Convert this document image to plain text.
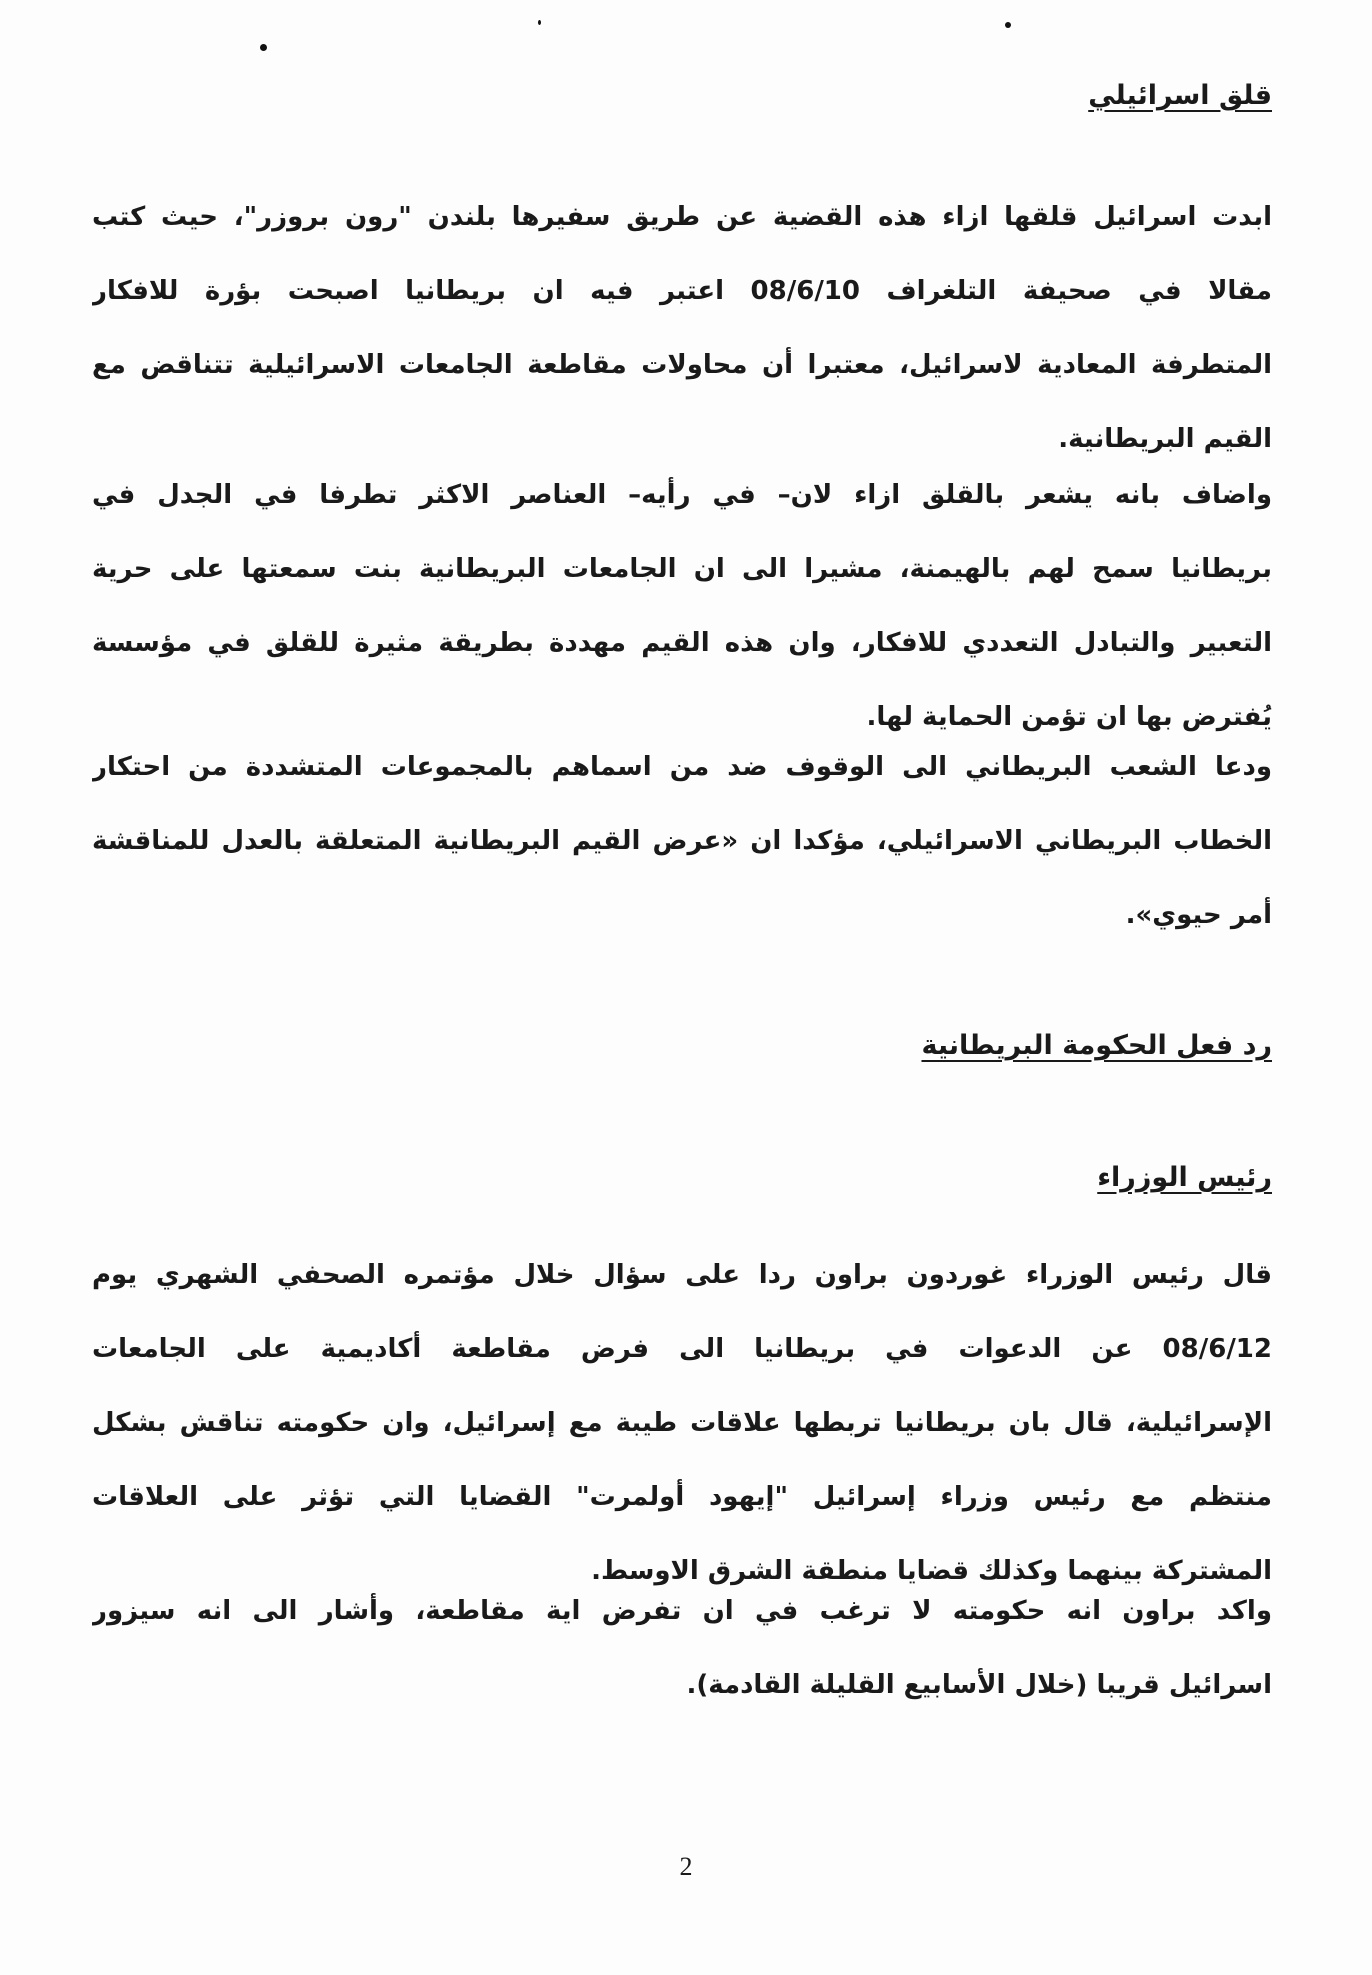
قلق اسرائيلي
ابدت اسرائيل قلقها ازاء هذه القضية عن طريق سفيرها بلندن "رون بروزر"، حيث كتب
مقالا في صحيفة التلغراف 08/6/10 اعتبر فيه ان بريطانيا اصبحت بؤرة للافكار
المتطرفة المعادية لاسرائيل، معتبرا أن محاولات مقاطعة الجامعات الاسرائيلية تتناقض مع
القيم البريطانية.
واضاف بانه يشعر بالقلق ازاء لان– في رأيه– العناصر الاكثر تطرفا في الجدل في
بريطانيا سمح لهم بالهيمنة، مشيرا الى ان الجامعات البريطانية بنت سمعتها على حرية
التعبير والتبادل التعددي للافكار، وان هذه القيم مهددة بطريقة مثيرة للقلق في مؤسسة
يُفترض بها ان تؤمن الحماية لها.
ودعا الشعب البريطاني الى الوقوف ضد من اسماهم بالمجموعات المتشددة من احتكار
الخطاب البريطاني الاسرائيلي، مؤكدا ان «عرض القيم البريطانية المتعلقة بالعدل للمناقشة
أمر حيوي».
رد فعل الحكومة البريطانية
رئيس الوزراء
قال رئيس الوزراء غوردون براون ردا على سؤال خلال مؤتمره الصحفي الشهري يوم
08/6/12 عن الدعوات في بريطانيا الى فرض مقاطعة أكاديمية على الجامعات
الإسرائيلية، قال بان بريطانيا تربطها علاقات طيبة مع إسرائيل، وان حكومته تناقش بشكل
منتظم مع رئيس وزراء إسرائيل "إيهود أولمرت" القضايا التي تؤثر على العلاقات
المشتركة بينهما وكذلك قضايا منطقة الشرق الاوسط.
واكد براون انه حكومته لا ترغب في ان تفرض اية مقاطعة، وأشار الى انه سيزور
اسرائيل قريبا (خلال الأسابيع القليلة القادمة).
2
